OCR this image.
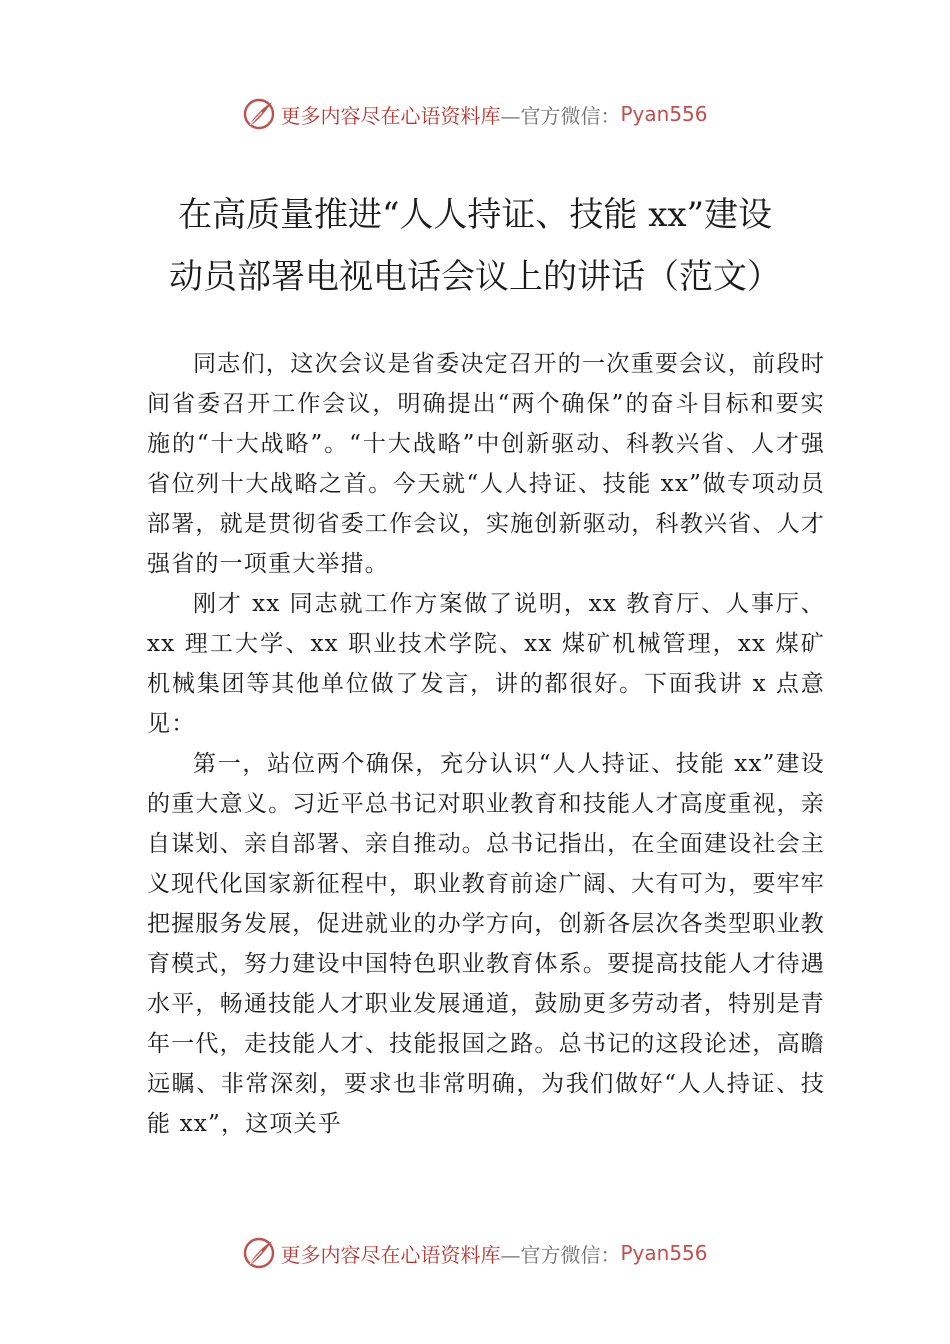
更多内容尽在心语资料库 —官方微信： Pyan556
在高质量推进“人人持证、技能 xx”建设
动员部署电视电话会议上的讲话（范文）

同志们，这次会议是省委决定召开的一次重要会议，前段时间省委召开工作会议，明确提出“两个确保”的奋斗目标和要实施的“十大战略”。“十大战略”中创新驱动、科教兴省、人才强省位列十大战略之首。今天就“人人持证、技能 xx”做专项动员部署，就是贯彻省委工作会议，实施创新驱动，科教兴省、人才强省的一项重大举措。

刚才 xx 同志就工作方案做了说明，xx 教育厅、人事厅、xx 理工大学、xx 职业技术学院、xx 煤矿机械管理，xx 煤矿机械集团等其他单位做了发言，讲的都很好。下面我讲 x 点意见：

第一，站位两个确保，充分认识“人人持证、技能 xx”建设的重大意义。习近平总书记对职业教育和技能人才高度重视，亲自谋划、亲自部署、亲自推动。总书记指出，在全面建设社会主义现代化国家新征程中，职业教育前途广阔、大有可为，要牢牢把握服务发展，促进就业的办学方向，创新各层次各类型职业教育模式，努力建设中国特色职业教育体系。要提高技能人才待遇水平，畅通技能人才职业发展通道，鼓励更多劳动者，特别是青年一代，走技能人才、技能报国之路。总书记的这段论述，高瞻远瞩、非常深刻，要求也非常明确，为我们做好“人人持证、技能 xx”，这项关乎

更多内容尽在心语资料库 —官方微信： Pyan556
